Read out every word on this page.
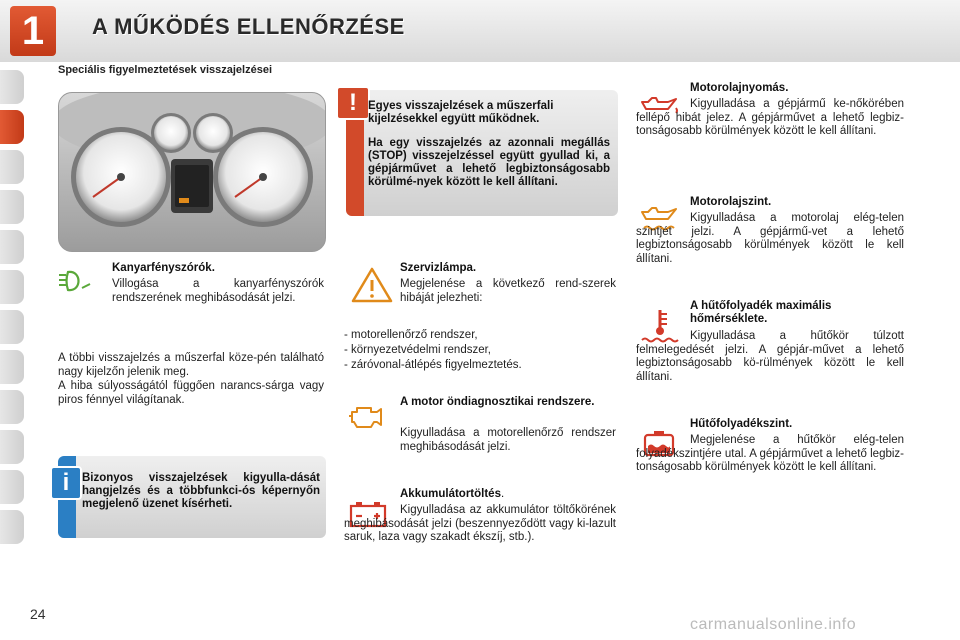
1	A MŰKÖDÉS ELLENŐRZÉSE
Speciális figyelmeztetések visszajelzései
! Egyes visszajelzések a műszerfali kijelzésekkel együtt működnek.
Ha egy visszajelzés az azonnali megállás (STOP) visszejelzéssel együtt gyullad ki, a gépjárművet a lehető legbiztonságosabb körülmé-nyek között le kell állítani.
Kanyarfényszórók.
Villogása a kanyarfényszórók rendszerének meghibásodását jelzi.
A többi visszajelzés a műszerfal köze-pén található nagy kijelzőn jelenik meg.
A hiba súlyosságától függően narancs-sárga vagy piros fénnyel világítanak.
i	Bizonyos visszajelzések kigyulla-dását hangjelzés és a többfunkci-ós képernyőn megjelenő üzenet kísérheti.
Szervizlámpa.
Megjelenése a következő rend-szerek hibáját jelezheti:
- motorellenőrző rendszer,
- környezetvédelmi rendszer,
- záróvonal-átlépés figyelmeztetés.
A motor öndiagnosztikai rendszere.
Kigyulladása a motorellenőrző rendszer meghibásodását jelzi.
Akkumulátortöltés.
Kigyulladása az akkumulátor töltőkörének meghibásodását jelzi (beszennyeződött vagy ki-lazult saruk, laza vagy szakadt ékszíj, stb.).
Motorolajnyomás.
Kigyulladása a gépjármű ke-nőkörében fellépő hibát jelez. A gépjárművet a lehető legbiz-tonságosabb körülmények között le kell állítani.
Motorolajszint.
Kigyulladása a motorolaj elég-telen szintjét jelzi. A gépjármű-vet a lehető legbiztonságosabb körülmények között le kell állítani.
A hűtőfolyadék maximális hőmérséklete.
Kigyulladása a hűtőkör túlzott felmelegedését jelzi. A gépjár-művet a lehető legbiztonságosabb kö-rülmények között le kell állítani.
Hűtőfolyadékszint.
Megjelenése a hűtőkör elég-telen folyadékszintjére utal. A gépjárművet a lehető legbiz-tonságosabb körülmények között le kell állítani.
24
carmanualsonline.info
